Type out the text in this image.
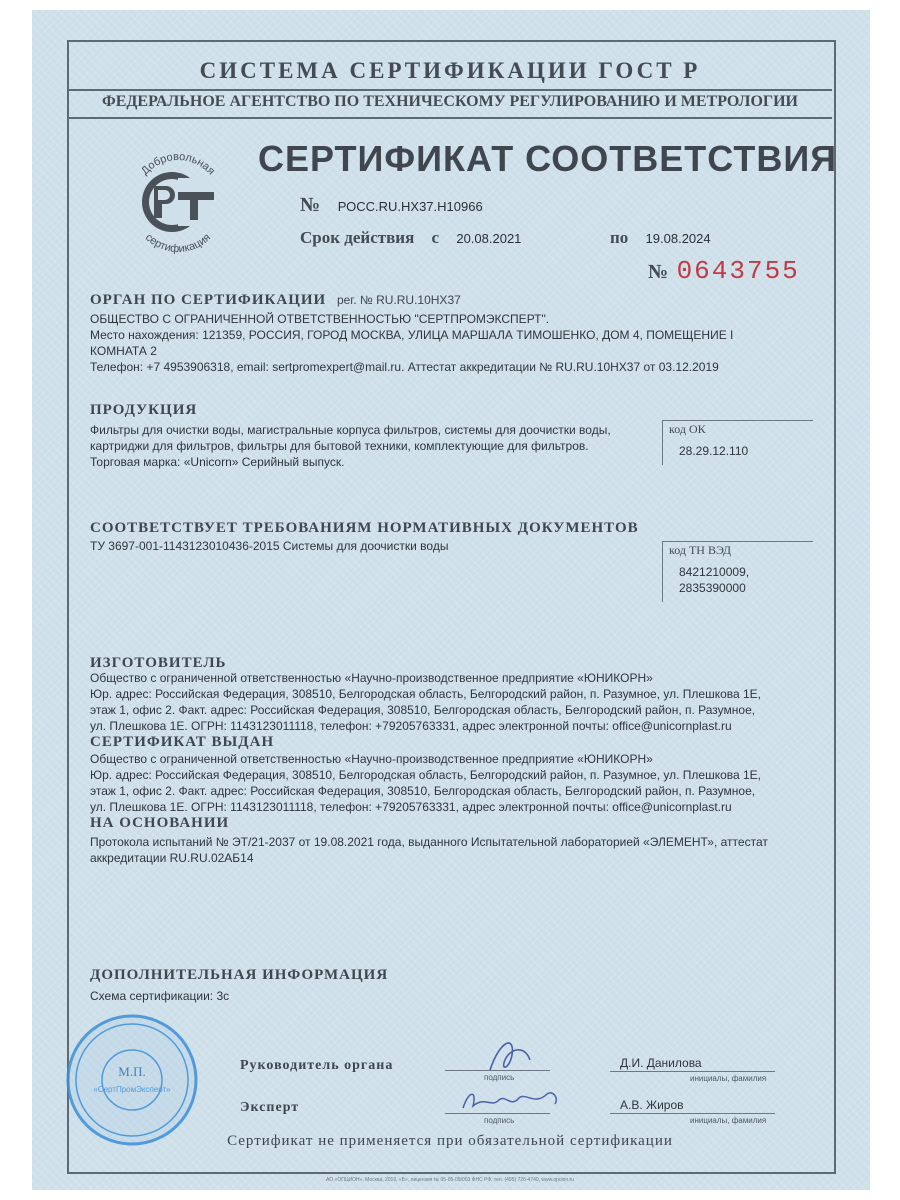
СИСТЕМА СЕРТИФИКАЦИИ ГОСТ Р
ФЕДЕРАЛЬНОЕ АГЕНТСТВО ПО ТЕХНИЧЕСКОМУ РЕГУЛИРОВАНИЮ И МЕТРОЛОГИИ
Добровольная
сертификация
СЕРТИФИКАТ СООТВЕТСТВИЯ
№ РОСС.RU.НХ37.Н10966
Срок действия с 20.08.2021	по 19.08.2024
№ 0643755
ОРГАН ПО СЕРТИФИКАЦИИ рег. № RU.RU.10НХ37
ОБЩЕСТВО С ОГРАНИЧЕННОЙ ОТВЕТСТВЕННОСТЬЮ "СЕРТПРОМЭКСПЕРТ".
Место нахождения: 121359, РОССИЯ, ГОРОД МОСКВА, УЛИЦА МАРШАЛА ТИМОШЕНКО, ДОМ 4, ПОМЕЩЕНИЕ I
КОМНАТА 2
Телефон: +7 4953906318, email: sertpromexpert@mail.ru. Аттестат аккредитации № RU.RU.10НХ37 от 03.12.2019
ПРОДУКЦИЯ
Фильтры для очистки воды, магистральные корпуса фильтров, системы для доочистки воды,
картриджи для фильтров, фильтры для бытовой техники, комплектующие для фильтров.
Торговая марка: «Unicorn» Серийный выпуск.
код ОК
28.29.12.110
СООТВЕТСТВУЕТ ТРЕБОВАНИЯМ НОРМАТИВНЫХ ДОКУМЕНТОВ
ТУ 3697-001-1143123010436-2015 Системы для доочистки воды	код ТН ВЭД
8421210009,
2835390000
ИЗГОТОВИТЕЛЬ
Общество с ограниченной ответственностью «Научно-производственное предприятие «ЮНИКОРН»
Юр. адрес: Российская Федерация, 308510, Белгородская область, Белгородский район, п. Разумное, ул. Плешкова 1Е,
этаж 1, офис 2. Факт. адрес: Российская Федерация, 308510, Белгородская область, Белгородский район, п. Разумное,
ул. Плешкова 1Е. ОГРН: 1143123011118, телефон: +79205763331, адрес электронной почты: office@unicornplast.ru
СЕРТИФИКАТ ВЫДАН
Общество с ограниченной ответственностью «Научно-производственное предприятие «ЮНИКОРН»
Юр. адрес: Российская Федерация, 308510, Белгородская область, Белгородский район, п. Разумное, ул. Плешкова 1Е,
этаж 1, офис 2. Факт. адрес: Российская Федерация, 308510, Белгородская область, Белгородский район, п. Разумное,
ул. Плешкова 1Е. ОГРН: 1143123011118, телефон: +79205763331, адрес электронной почты: office@unicornplast.ru
НА ОСНОВАНИИ
Протокола испытаний № ЭТ/21-2037 от 19.08.2021 года, выданного Испытательной лабораторией «ЭЛЕМЕНТ», аттестат
аккредитации RU.RU.02АБ14
ДОПОЛНИТЕЛЬНАЯ ИНФОРМАЦИЯ
Схема сертификации: 3с
М.П.
«СертПромЭксперт»
Руководитель органа
подпись
Д.И. Данилова
инициалы, фамилия
Эксперт
подпись
А.В. Жиров
инициалы, фамилия
Сертификат не применяется при обязательной сертификации
АО «ОПЦИОН», Москва, 2019, «Б», лицензия № 05-05-09/003 ФНС РФ, тел. (495) 726-4740, www.opcion.ru
